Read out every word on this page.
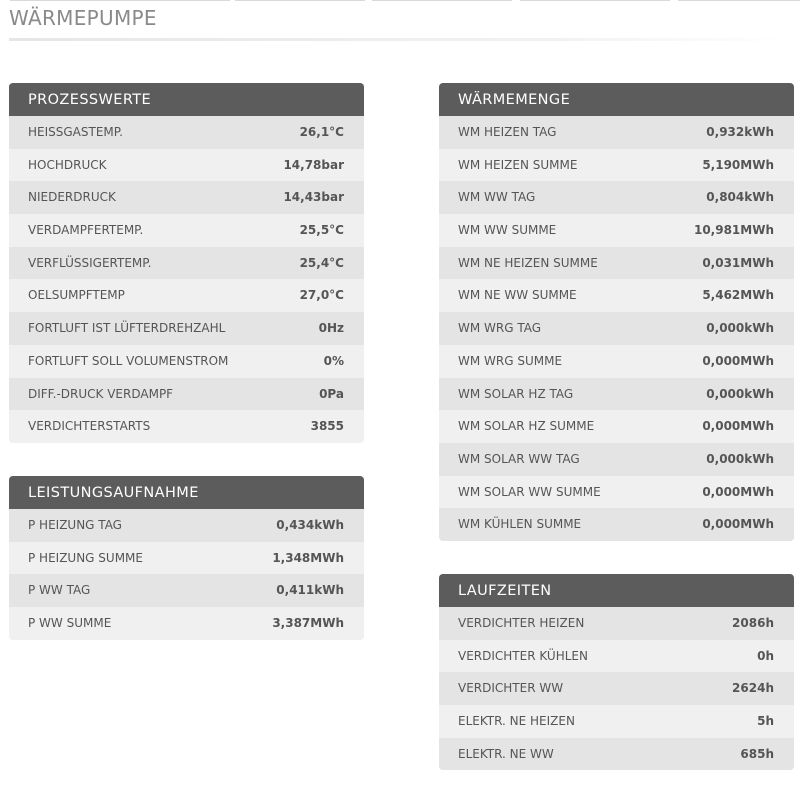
WÄRMEPUMPE
PROZESSWERTE
HEISSGASTEMP.	26,1°C
HOCHDRUCK	14,78bar
NIEDERDRUCK	14,43bar
VERDAMPFERTEMP.	25,5°C
VERFLÜSSIGERTEMP.	25,4°C
OELSUMPFTEMP	27,0°C
FORTLUFT IST LÜFTERDREHZAHL	0Hz
FORTLUFT SOLL VOLUMENSTROM	0%
DIFF.-DRUCK VERDAMPF	0Pa
VERDICHTERSTARTS	3855
LEISTUNGSAUFNAHME
P HEIZUNG TAG	0,434kWh
P HEIZUNG SUMME	1,348MWh
P WW TAG	0,411kWh
P WW SUMME	3,387MWh
WÄRMEMENGE
WM HEIZEN TAG	0,932kWh
WM HEIZEN SUMME	5,190MWh
WM WW TAG	0,804kWh
WM WW SUMME	10,981MWh
WM NE HEIZEN SUMME	0,031MWh
WM NE WW SUMME	5,462MWh
WM WRG TAG	0,000kWh
WM WRG SUMME	0,000MWh
WM SOLAR HZ TAG	0,000kWh
WM SOLAR HZ SUMME	0,000MWh
WM SOLAR WW TAG	0,000kWh
WM SOLAR WW SUMME	0,000MWh
WM KÜHLEN SUMME	0,000MWh
LAUFZEITEN
VERDICHTER HEIZEN	2086h
VERDICHTER KÜHLEN	0h
VERDICHTER WW	2624h
ELEKTR. NE HEIZEN	5h
ELEKTR. NE WW	685h
